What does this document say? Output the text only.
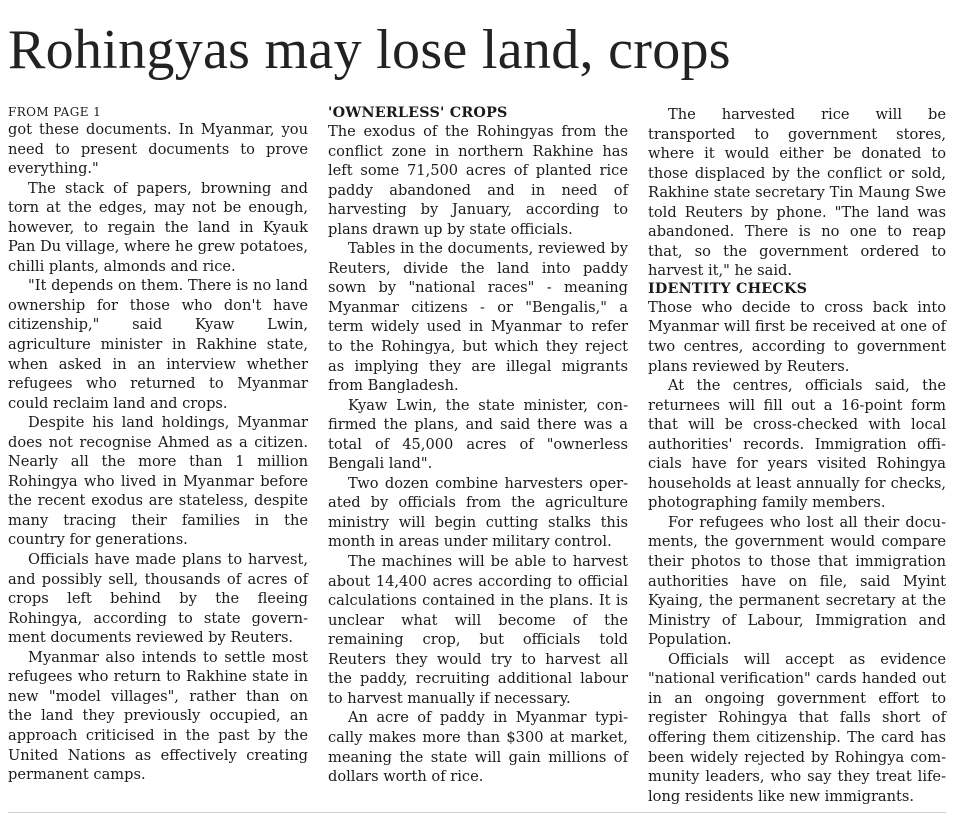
Rohingyas may lose land, crops

FROM PAGE 1

got these documents. In Myanmar, you need to present documents to prove everything."

The stack of papers, browning and torn at the edges, may not be enough, however, to regain the land in Kyauk Pan Du village, where he grew potatoes, chilli plants, almonds and rice.

"It depends on them. There is no land ownership for those who don't have citizenship," said Kyaw Lwin, agriculture minister in Rakhine state, when asked in an interview whether refugees who returned to Myanmar could reclaim land and crops.

Despite his land holdings, Myanmar does not recognise Ahmed as a citizen. Nearly all the more than 1 million Rohingya who lived in Myanmar before the recent exodus are stateless, despite many tracing their families in the country for generations.

Officials have made plans to harvest, and possibly sell, thousands of acres of crops left behind by the fleeing Rohingya, according to state government documents reviewed by Reuters.

Myanmar also intends to settle most refugees who return to Rakhine state in new "model villages", rather than on the land they previously occupied, an approach criticised in the past by the United Nations as effectively creating permanent camps.

'OWNERLESS' CROPS

The exodus of the Rohingyas from the conflict zone in northern Rakhine has left some 71,500 acres of planted rice paddy abandoned and in need of harvesting by January, according to plans drawn up by state officials.

Tables in the documents, reviewed by Reuters, divide the land into paddy sown by "national races" - meaning Myanmar citizens - or "Bengalis," a term widely used in Myanmar to refer to the Rohingya, but which they reject as implying they are illegal migrants from Bangladesh.

Kyaw Lwin, the state minister, confirmed the plans, and said there was a total of 45,000 acres of "ownerless Bengali land".

Two dozen combine harvesters operated by officials from the agriculture ministry will begin cutting stalks this month in areas under military control.

The machines will be able to harvest about 14,400 acres according to official calculations contained in the plans. It is unclear what will become of the remaining crop, but officials told Reuters they would try to harvest all the paddy, recruiting additional labour to harvest manually if necessary.

An acre of paddy in Myanmar typically makes more than $300 at market, meaning the state will gain millions of dollars worth of rice.

The harvested rice will be transported to government stores, where it would either be donated to those displaced by the conflict or sold, Rakhine state secretary Tin Maung Swe told Reuters by phone. "The land was abandoned. There is no one to reap that, so the government ordered to harvest it," he said.

IDENTITY CHECKS

Those who decide to cross back into Myanmar will first be received at one of two centres, according to government plans reviewed by Reuters.

At the centres, officials said, the returnees will fill out a 16-point form that will be cross-checked with local authorities' records. Immigration officials have for years visited Rohingya households at least annually for checks, photographing family members.

For refugees who lost all their documents, the government would compare their photos to those that immigration authorities have on file, said Myint Kyaing, the permanent secretary at the Ministry of Labour, Immigration and Population.

Officials will accept as evidence "national verification" cards handed out in an ongoing government effort to register Rohingya that falls short of offering them citizenship. The card has been widely rejected by Rohingya community leaders, who say they treat lifelong residents like new immigrants.
